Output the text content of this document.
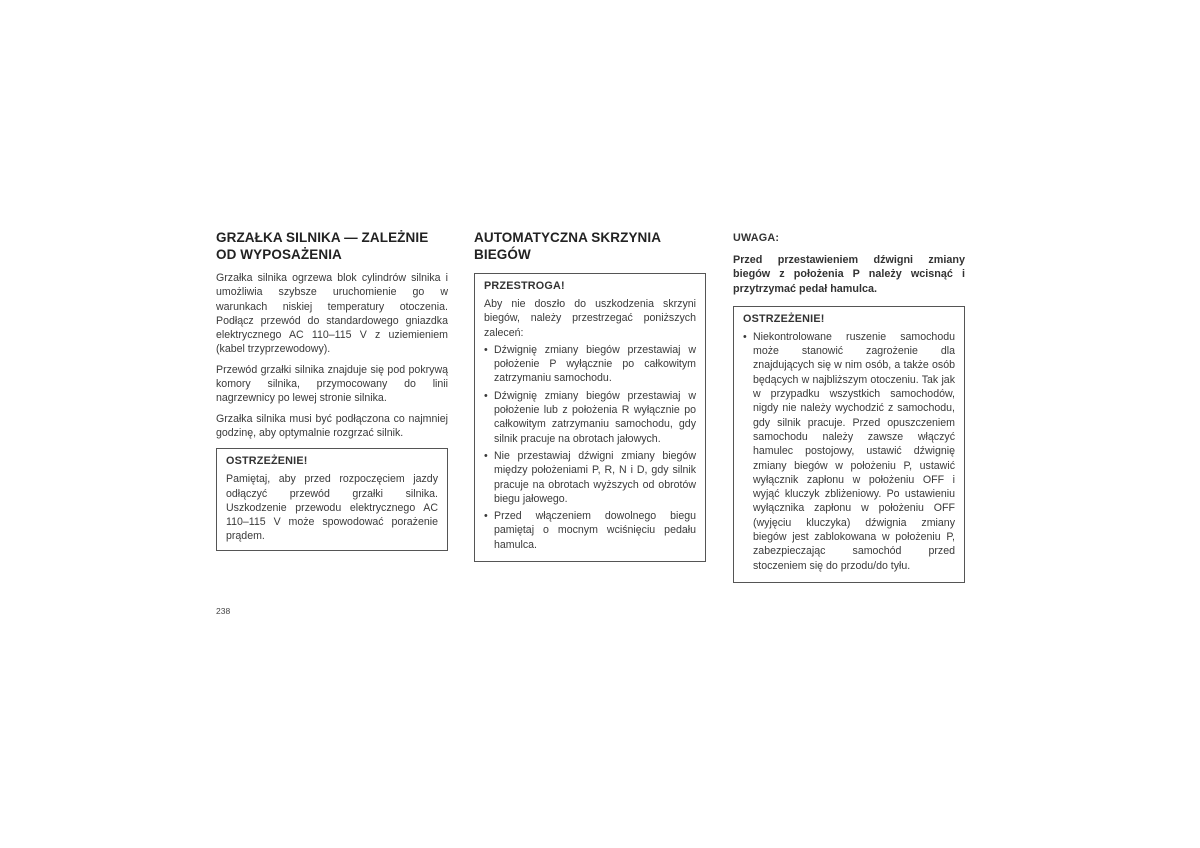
GRZAŁKA SILNIKA — ZALEŻNIE
OD WYPOSAŻENIA

Grzałka silnika ogrzewa blok cylindrów silnika i umożliwia szybsze uruchomienie go w warunkach niskiej temperatury otoczenia. Podłącz przewód do standardowego gniazdka elektrycznego AC 110–115 V z uziemieniem (kabel trzyprzewodowy).

Przewód grzałki silnika znajduje się pod pokrywą komory silnika, przymocowany do linii nagrzewnicy po lewej stronie silnika.

Grzałka silnika musi być podłączona co najmniej godzinę, aby optymalnie rozgrzać silnik.

OSTRZEŻENIE!

Pamiętaj, aby przed rozpoczęciem jazdy odłączyć przewód grzałki silnika. Uszkodzenie przewodu elektrycznego AC 110–115 V może spowodować porażenie prądem.

AUTOMATYCZNA SKRZYNIA BIEGÓW
PRZESTROGA!

Aby nie doszło do uszkodzenia skrzyni biegów, należy przestrzegać poniższych zaleceń:

• Dźwignię zmiany biegów przestawiaj w położenie P wyłącznie po całkowitym zatrzymaniu samochodu.
• Dźwignię zmiany biegów przestawiaj w położenie lub z położenia R wyłącznie po całkowitym zatrzymaniu samochodu, gdy silnik pracuje na obrotach jałowych.
• Nie przestawiaj dźwigni zmiany biegów między położeniami P, R, N i D, gdy silnik pracuje na obrotach wyższych od obrotów biegu jałowego.
• Przed włączeniem dowolnego biegu pamiętaj o mocnym wciśnięciu pedału hamulca.
UWAGA:

Przed przestawieniem dźwigni zmiany biegów z położenia P należy wcisnąć i przytrzymać pedał hamulca.

OSTRZEŻENIE!
• Niekontrolowane ruszenie samochodu może stanowić zagrożenie dla znajdujących się w nim osób, a także osób będących w najbliższym otoczeniu. Tak jak w przypadku wszystkich samochodów, nigdy nie należy wychodzić z samochodu, gdy silnik pracuje. Przed opuszczeniem samochodu należy zawsze włączyć hamulec postojowy, ustawić dźwignię zmiany biegów w położeniu P, ustawić wyłącznik zapłonu w położeniu OFF i wyjąć kluczyk zbliżeniowy. Po ustawieniu wyłącznika zapłonu w położeniu OFF (wyjęciu kluczyka) dźwignia zmiany biegów jest zablokowana w położeniu P, zabezpieczając samochód przed stoczeniem się do przodu/do tyłu.
238
